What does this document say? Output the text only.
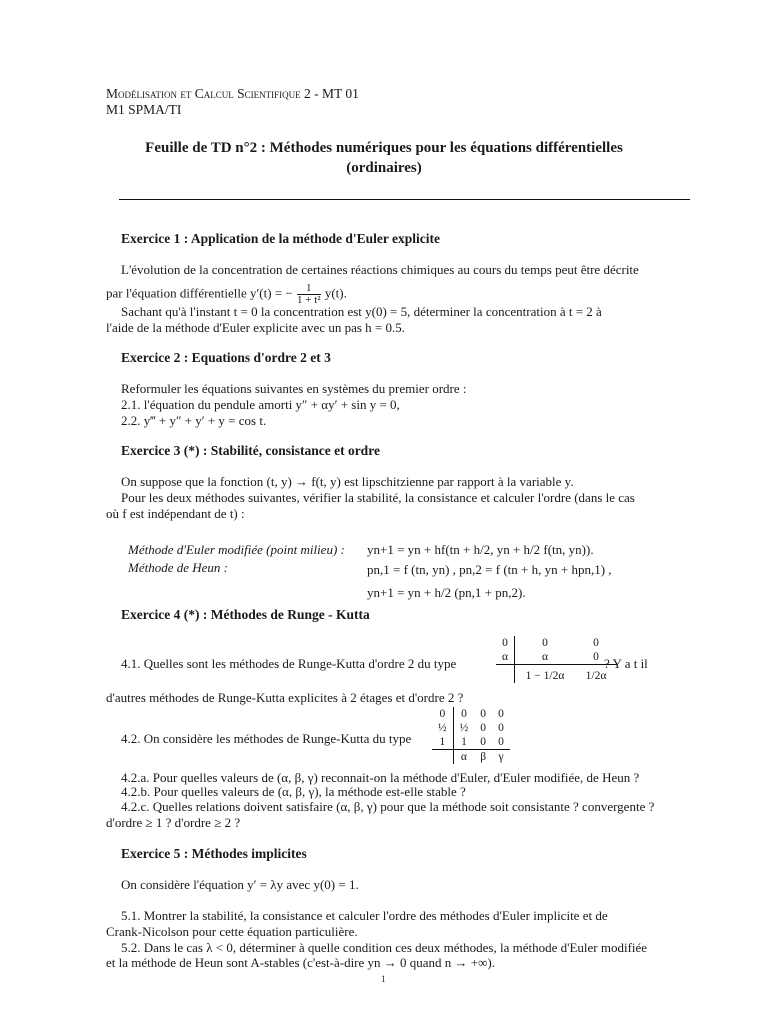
Modélisation et Calcul Scientifique 2 - MT 01
M1 SPMA/TI
Feuille de TD n°2 : Méthodes numériques pour les équations différentielles
(ordinaires)
Exercice 1 : Application de la méthode d'Euler explicite
L'évolution de la concentration de certaines réactions chimiques au cours du temps peut être décrite
par l'équation différentielle y′(t) = − $\frac{1}{\text{1 + t²}} y(t)$.
Sachant qu'à l'instant t = 0 la concentration est y(0) = 5, déterminer la concentration à t = 2 à
l'aide de la méthode d'Euler explicite avec un pas h = 0.5.
Exercice 2 : Equations d'ordre 2 et 3
Reformuler les équations suivantes en systèmes du premier ordre :
2.1. l'équation du pendule amorti y″ + αy′ + sin y = 0,
2.2. y‴ + y″ + y′ + y = cos t.
Exercice 3 (*) : Stabilité, consistance et ordre
On suppose que la fonction (t, y) → f(t, y) est lipschitzienne par rapport à la variable y.
Pour les deux méthodes suivantes, vérifier la stabilité, la consistance et calculer l'ordre (dans le cas
où f est indépendant de t) :
Méthode d'Euler modifiée (point milieu) : yn+1 = yn + hf(tn + h/2, yn + h/2 f(tn, yn)).
Méthode de Heun :	pn,1 = f (tn, yn) , pn,2 = f (tn + h, yn + hpn,1) ,
yn+1 = yn + h/2 (pn,1 + pn,2).
Exercice 4 (*) : Méthodes de Runge - Kutta
0	0	0
α	α	0
	1 − 1/2α	1/2α
4.1. Quelles sont les méthodes de Runge-Kutta d'ordre 2 du type	? Y a t il
d'autres méthodes de Runge-Kutta explicites à 2 étages et d'ordre 2 ?
0	0	0	0
½	½	0	0
1	1	0	0
	α	β	γ
4.2. On considère les méthodes de Runge-Kutta du type
4.2.a. Pour quelles valeurs de (α, β, γ) reconnait-on la méthode d'Euler, d'Euler modifiée, de Heun ?
4.2.b. Pour quelles valeurs de (α, β, γ), la méthode est-elle stable ?
4.2.c. Quelles relations doivent satisfaire (α, β, γ) pour que la méthode soit consistante ? convergente ?
d'ordre ≥ 1 ? d'ordre ≥ 2 ?
Exercice 5 : Méthodes implicites
On considère l'équation y′ = λy avec y(0) = 1.
5.1. Montrer la stabilité, la consistance et calculer l'ordre des méthodes d'Euler implicite et de
Crank-Nicolson pour cette équation particulière.
5.2. Dans le cas λ < 0, déterminer à quelle condition ces deux méthodes, la méthode d'Euler modifiée
et la méthode de Heun sont A-stables (c'est-à-dire yn → 0 quand n → +∞).
1
